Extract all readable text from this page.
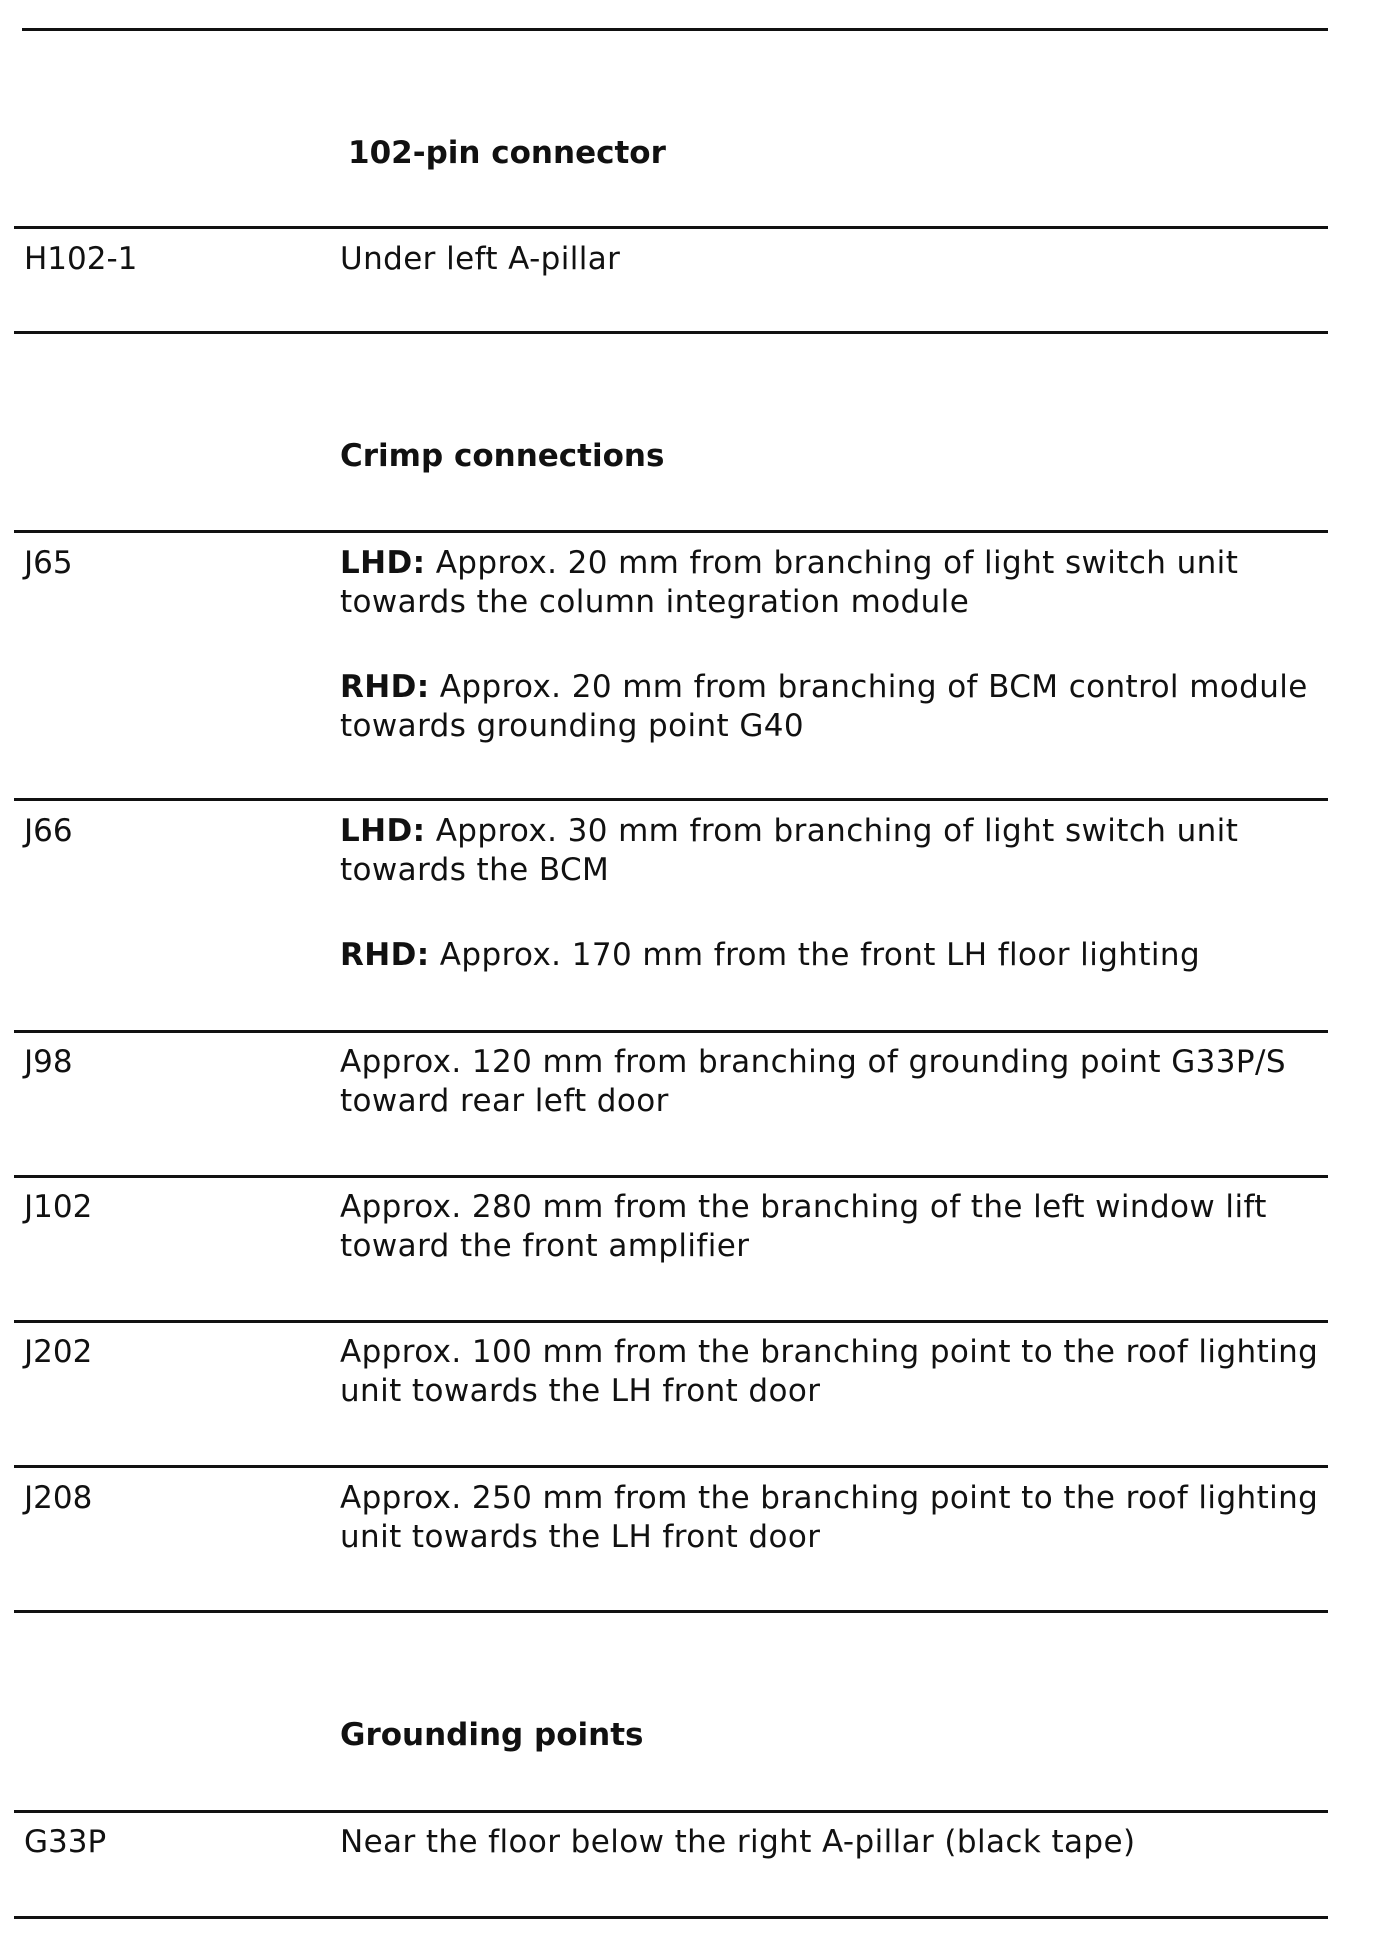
102-pin connector
H102-1	Under left A-pillar
Crimp connections
J65	LHD: Approx. 20 mm from branching of light switch unit towards the column integration module
RHD: Approx. 20 mm from branching of BCM control module towards grounding point G40
J66	LHD: Approx. 30 mm from branching of light switch unit towards the BCM
RHD: Approx. 170 mm from the front LH floor lighting
J98	Approx. 120 mm from branching of grounding point G33P/S toward rear left door
J102	Approx. 280 mm from the branching of the left window lift toward the front amplifier
J202	Approx. 100 mm from the branching point to the roof lighting unit towards the LH front door
J208	Approx. 250 mm from the branching point to the roof lighting unit towards the LH front door
Grounding points
G33P	Near the floor below the right A-pillar (black tape)
